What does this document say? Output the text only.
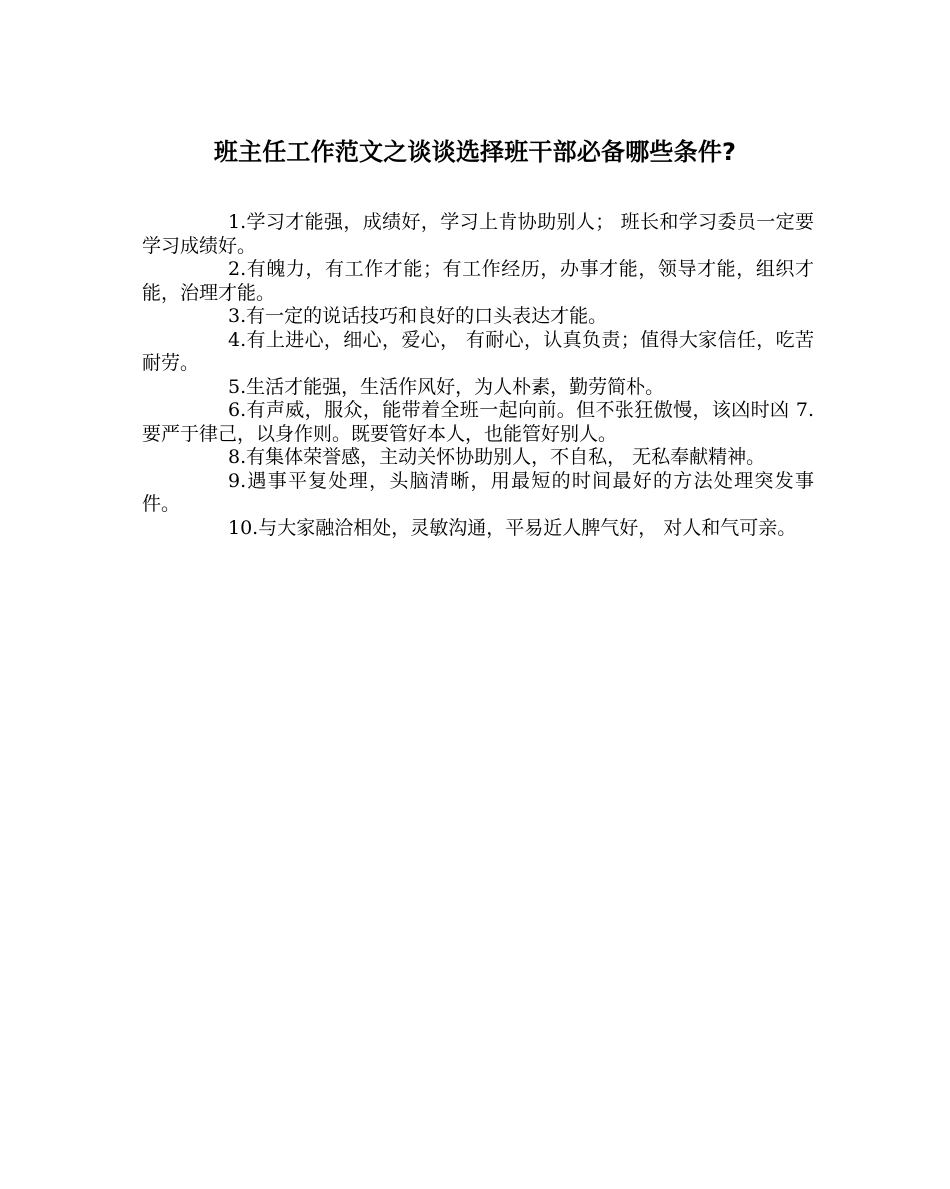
班主任工作范文之谈谈选择班干部必备哪些条件?

1.学习才能强，成绩好，学习上肯协助别人； 班长和学习委员一定要学习成绩好。

2.有魄力，有工作才能；有工作经历，办事才能，领导才能，组织才能，治理才能。

3.有一定的说话技巧和良好的口头表达才能。

4.有上进心，细心，爱心， 有耐心，认真负责；值得大家信任，吃苦耐劳。

5.生活才能强，生活作风好，为人朴素，勤劳简朴。

6.有声威，服众，能带着全班一起向前。但不张狂傲慢，该凶时凶 7.要严于律己，以身作则。既要管好本人，也能管好别人。

8.有集体荣誉感，主动关怀协助别人，不自私， 无私奉献精神。

9.遇事平复处理，头脑清晰，用最短的时间最好的方法处理突发事件。

10.与大家融洽相处，灵敏沟通，平易近人脾气好， 对人和气可亲。
